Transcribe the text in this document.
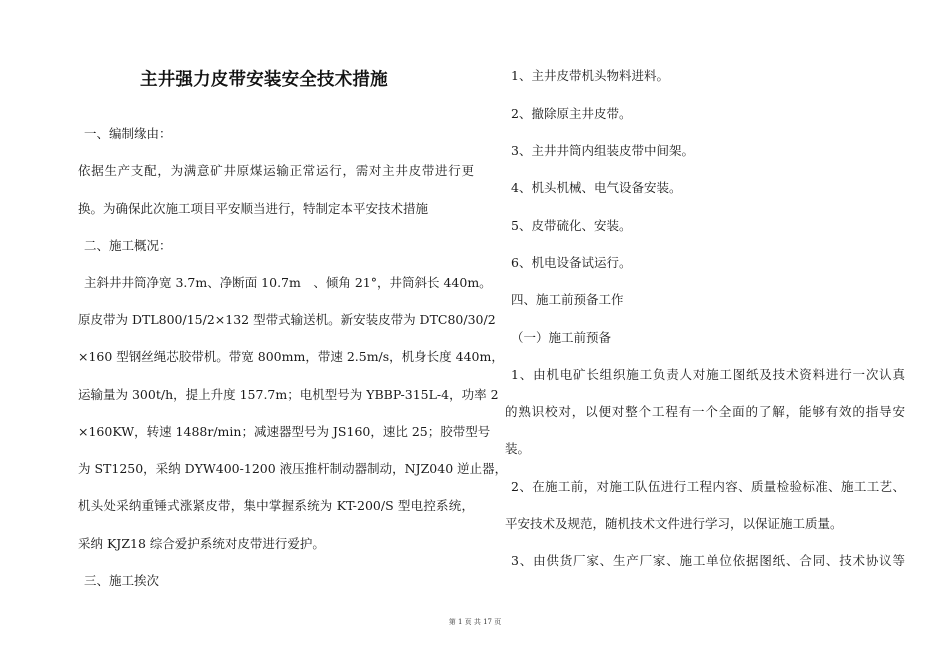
主井强力皮带安装安全技术措施
一、编制缘由：
依据生产支配，为满意矿井原煤运输正常运行，需对主井皮带进行更
换。为确保此次施工项目平安顺当进行，特制定本平安技术措施
二、施工概况：
主斜井井筒净宽 3.7m、净断面 10.7m　、倾角 21°，井筒斜长 440m。
原皮带为 DTL800/15/2×132 型带式输送机。新安装皮带为 DTC80/30/2
×160 型钢丝绳芯胶带机。带宽 800mm，带速 2.5m/s，机身长度 440m，
运输量为 300t/h，提上升度 157.7m；电机型号为 YBBP-315L-4，功率 2
×160KW，转速 1488r/min；减速器型号为 JS160，速比 25；胶带型号
为 ST1250，采纳 DYW400-1200 液压推杆制动器制动，NJZ040 逆止器，
机头处采纳重锤式涨紧皮带，集中掌握系统为 KT-200/S 型电控系统，
采纳 KJZ18 综合爱护系统对皮带进行爱护。
三、施工挨次
1、主井皮带机头物料进料。
2、撤除原主井皮带。
3、主井井筒内组装皮带中间架。
4、机头机械、电气设备安装。
5、皮带硫化、安装。
6、机电设备试运行。
四、施工前预备工作
（一）施工前预备
1、由机电矿长组织施工负责人对施工图纸及技术资料进行一次认真
的熟识校对，以便对整个工程有一个全面的了解，能够有效的指导安
装。
2、在施工前，对施工队伍进行工程内容、质量检验标准、施工工艺、
平安技术及规范，随机技术文件进行学习，以保证施工质量。
3、由供货厂家、生产厂家、施工单位依据图纸、合同、技术协议等
第 1 页 共 17 页
